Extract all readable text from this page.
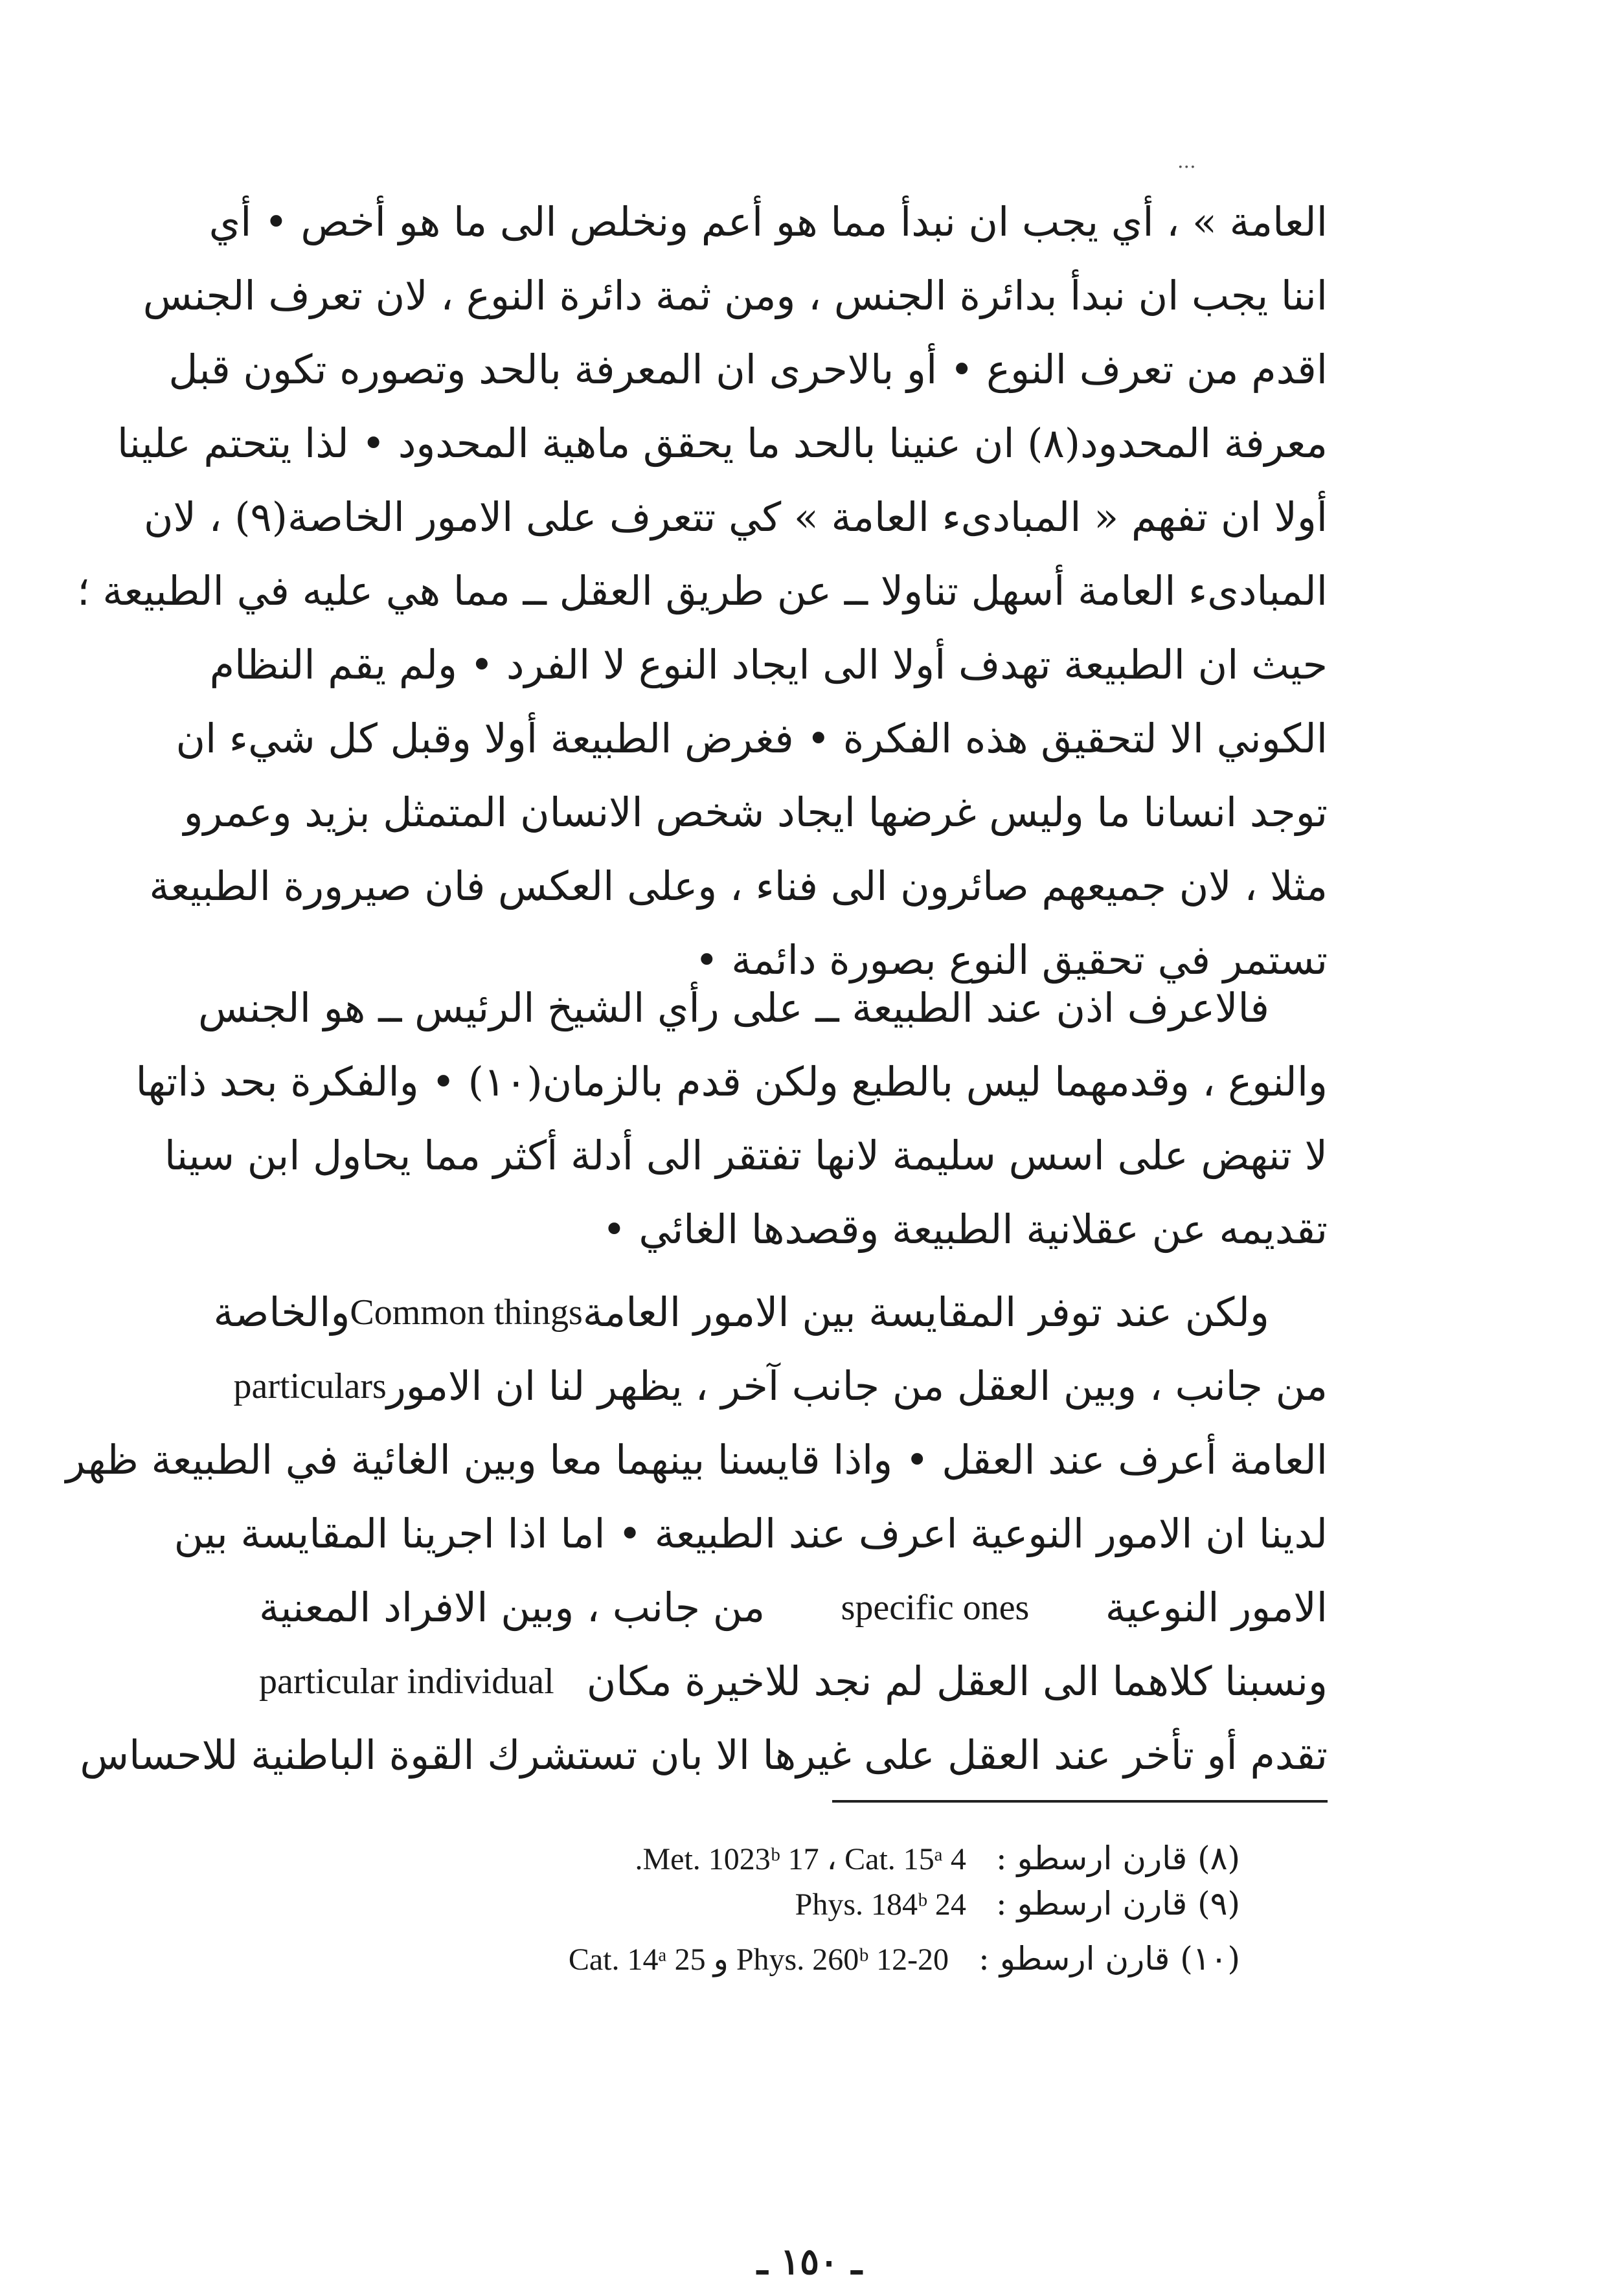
...
العامة » ، أي يجب ان نبدأ مما هو أعم ونخلص الى ما هو أخص • أي
اننا يجب ان نبدأ بدائرة الجنس ، ومن ثمة دائرة النوع ، لان تعرف الجنس
اقدم من تعرف النوع • أو بالاحرى ان المعرفة بالحد وتصوره تكون قبل
معرفة المحدود(٨) ان عنينا بالحد ما يحقق ماهية المحدود • لذا يتحتم علينا
أولا ان تفهم « المبادىء العامة » كي تتعرف على الامور الخاصة(٩) ، لان
المبادىء العامة أسهل تناولا ــ عن طريق العقل ــ مما هي عليه في الطبيعة ؛
حيث ان الطبيعة تهدف أولا الى ايجاد النوع لا الفرد • ولم يقم النظام
الكوني الا لتحقيق هذه الفكرة • فغرض الطبيعة أولا وقبل كل شيء ان
توجد انسانا ما وليس غرضها ايجاد شخص الانسان المتمثل بزيد وعمرو
مثلا ، لان جميعهم صائرون الى فناء ، وعلى العكس فان صيرورة الطبيعة
تستمر في تحقيق النوع بصورة دائمة •
فالاعرف اذن عند الطبيعة ــ على رأي الشيخ الرئيس ــ هو الجنس
والنوع ، وقدمهما ليس بالطبع ولكن قدم بالزمان(١٠) • والفكرة بحد ذاتها
لا تنهض على اسس سليمة لانها تفتقر الى أدلة أكثر مما يحاول ابن سينا
تقديمه عن عقلانية الطبيعة وقصدها الغائي •
ولكن عند توفر المقايسة بين الامور العامة
Common things
والخاصة
من جانب ، وبين العقل من جانب آخر ، يظهر لنا ان الامور
particulars
العامة أعرف عند العقل • واذا قايسنا بينهما معا وبين الغائية في الطبيعة ظهر
لدينا ان الامور النوعية اعرف عند الطبيعة • اما اذا اجرينا المقايسة بين
الامور النوعية
specific ones
من جانب ، وبين الافراد المعنية
ونسبنا كلاهما الى العقل لم نجد للاخيرة مكان
particular individual
تقدم أو تأخر عند العقل على غيرها الا بان تستشرك القوة الباطنية للاحساس
(٨) قارن ارسطو : Met. 1023ᵇ 17 ، Cat. 15ᵃ 4.
(٩) قارن ارسطو : Phys. 184ᵇ 24
(١٠) قارن ارسطو : Phys. 260ᵇ 12-20 و Cat. 14ᵃ 25
ـ ١٥٠ ـ
